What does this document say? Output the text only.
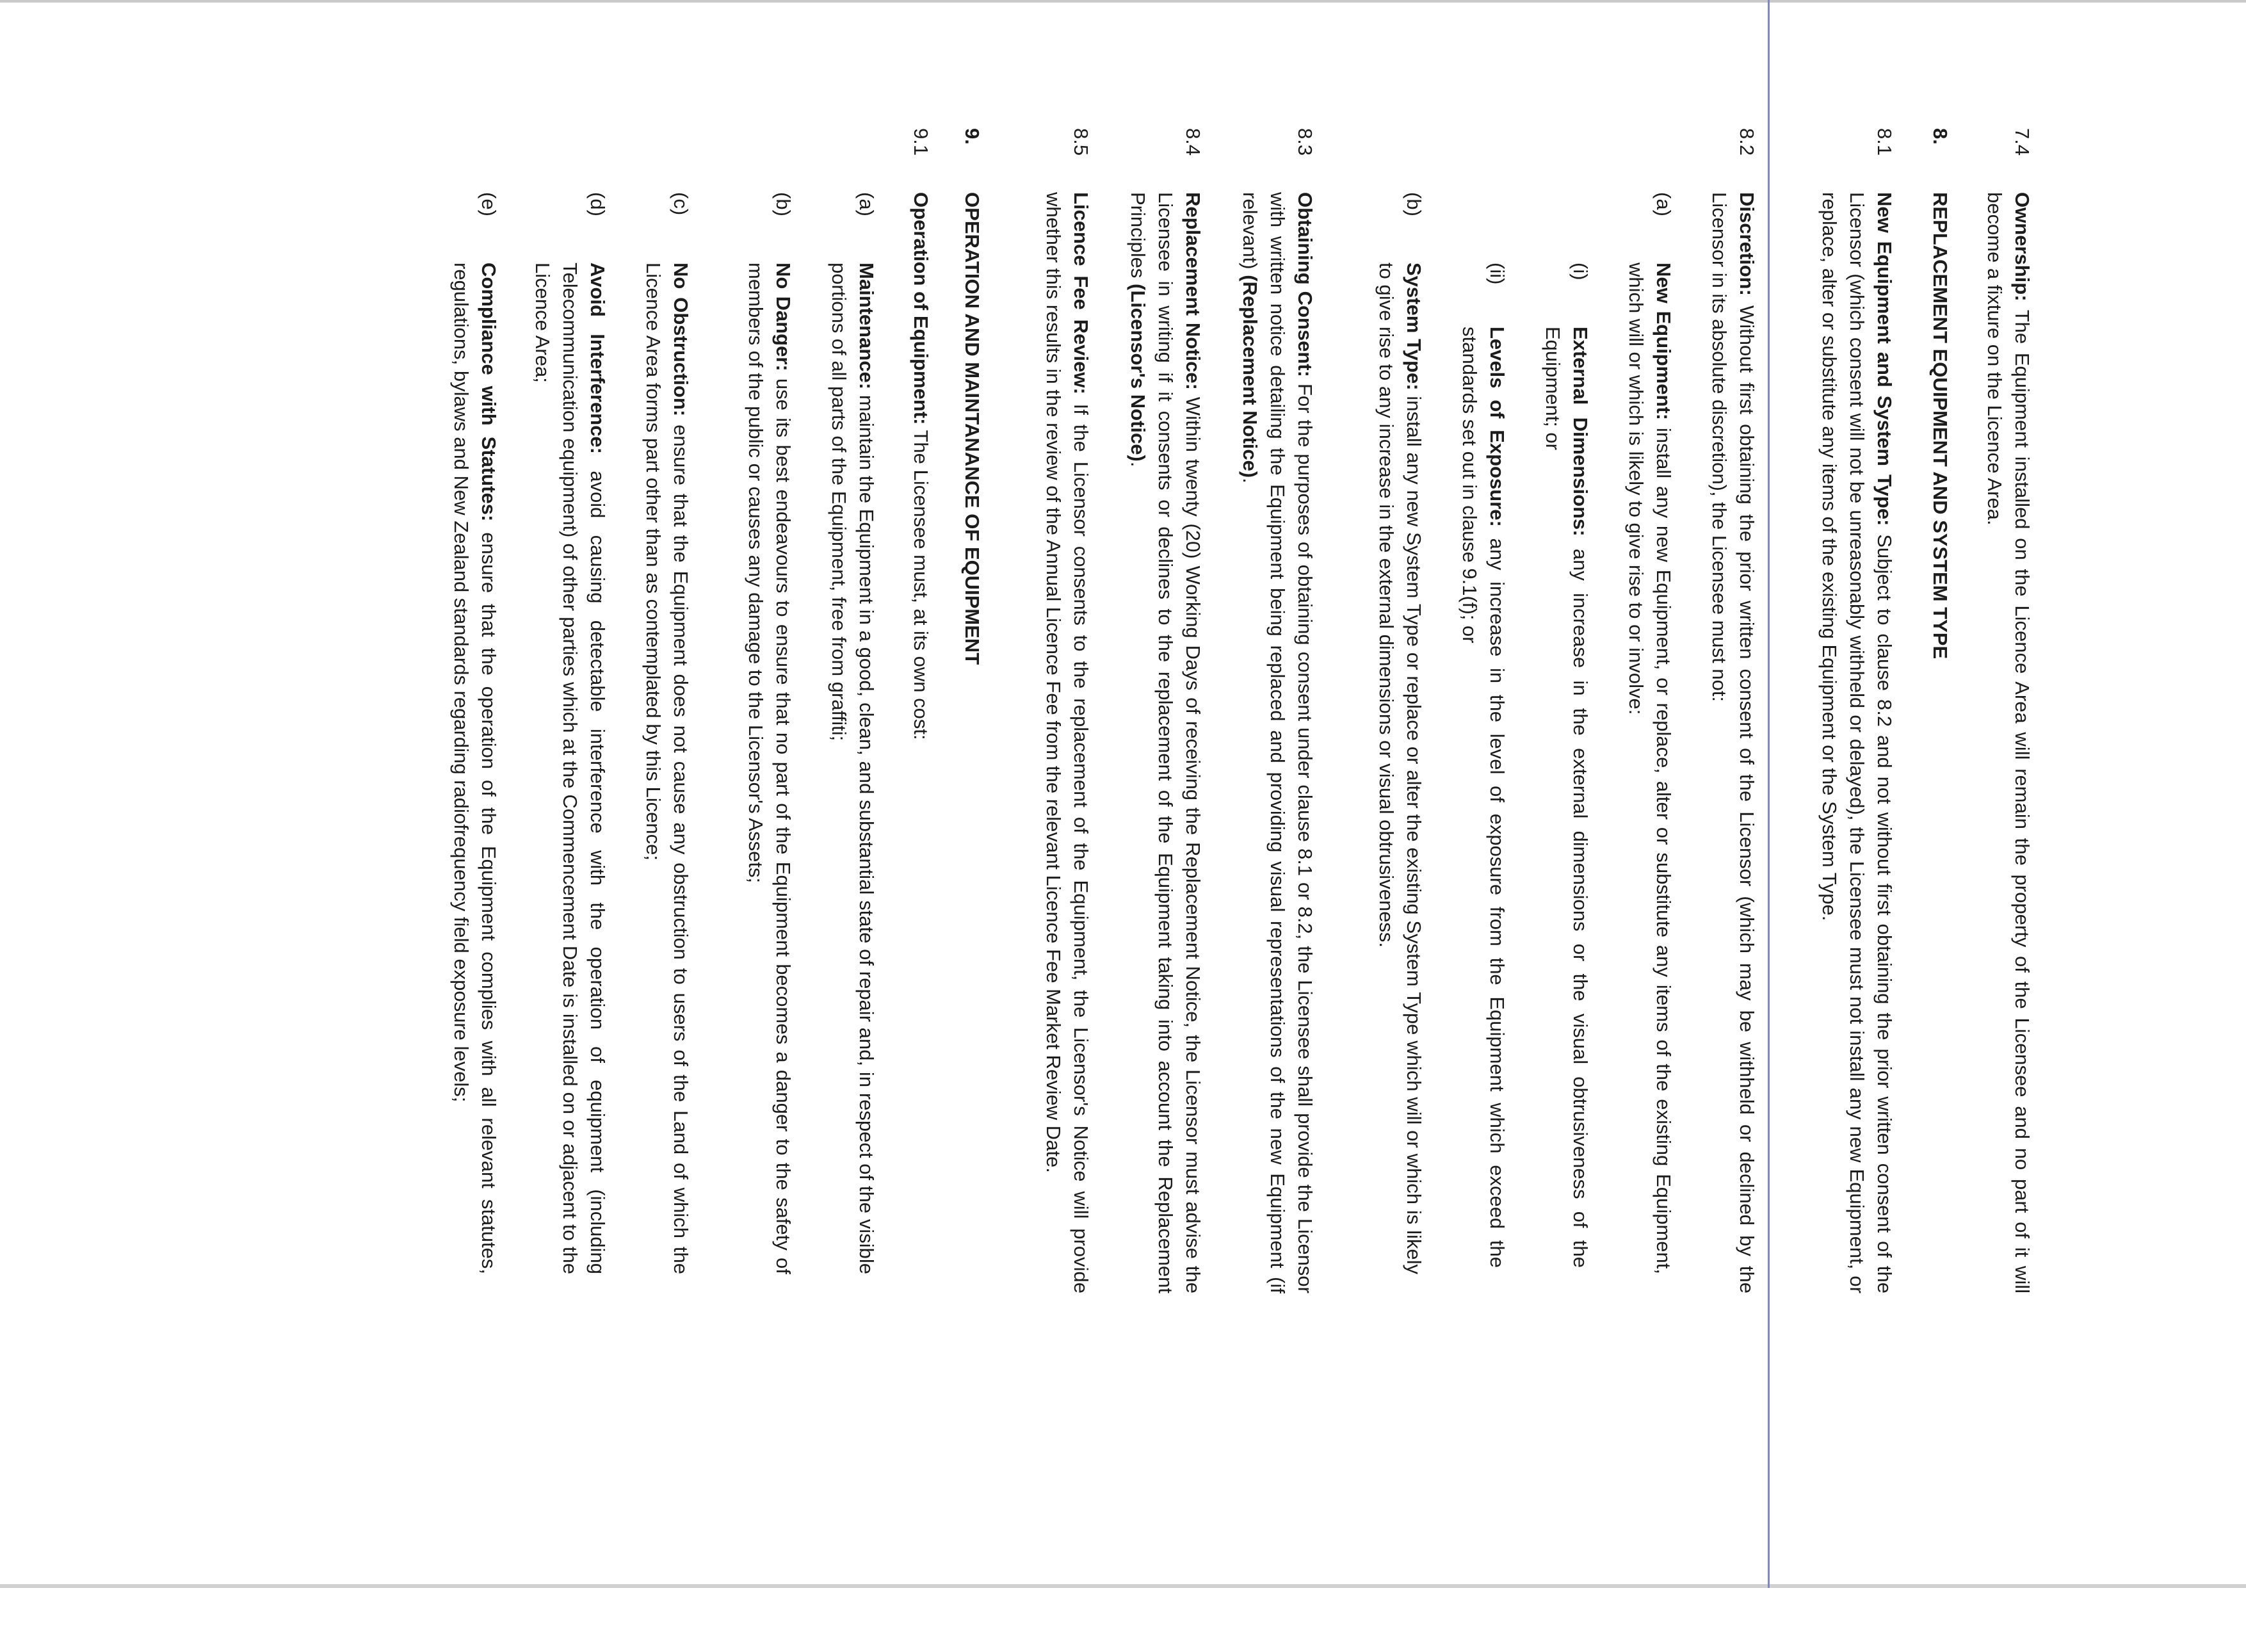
7.4

Ownership: The Equipment installed on the Licence Area will remain the property of the Licensee and no part of it will become a fixture on the Licence Area.

8.
REPLACEMENT EQUIPMENT AND SYSTEM TYPE
8.1

New Equipment and System Type: Subject to clause 8.2 and not without first obtaining the prior written consent of the Licensor (which consent will not be unreasonably withheld or delayed), the Licensee must not install any new Equipment, or replace, alter or substitute any items of the existing Equipment or the System Type.

8.2

Discretion: Without first obtaining the prior written consent of the Licensor (which may be withheld or declined by the Licensor in its absolute discretion), the Licensee must not:

(a)

New Equipment: install any new Equipment, or replace, alter or substitute any items of the existing Equipment, which will or which is likely to give rise to or involve:

(i)

External Dimensions: any increase in the external dimensions or the visual obtrusiveness of the Equipment; or

(ii)

Levels of Exposure: any increase in the level of exposure from the Equipment which exceed the standards set out in clause 9.1(f); or

(b)

System Type: install any new System Type or replace or alter the existing System Type which will or which is likely to give rise to any increase in the external dimensions or visual obtrusiveness.

8.3

Obtaining Consent: For the purposes of obtaining consent under clause 8.1 or 8.2, the Licensee shall provide the Licensor with written notice detailing the Equipment being replaced and providing visual representations of the new Equipment (if relevant) (Replacement Notice).

8.4

Replacement Notice: Within twenty (20) Working Days of receiving the Replacement Notice, the Licensor must advise the Licensee in writing if it consents or declines to the replacement of the Equipment taking into account the Replacement Principles (Licensor's Notice).

8.5

Licence Fee Review: If the Licensor consents to the replacement of the Equipment, the Licensor's Notice will provide whether this results in the review of the Annual Licence Fee from the relevant Licence Fee Market Review Date.

9.
OPERATION AND MAINTANANCE OF EQUIPMENT
9.1

Operation of Equipment: The Licensee must, at its own cost:

(a)

Maintenance: maintain the Equipment in a good, clean, and substantial state of repair and, in respect of the visible portions of all parts of the Equipment, free from graffiti;

(b)

No Danger: use its best endeavours to ensure that no part of the Equipment becomes a danger to the safety of members of the public or causes any damage to the Licensor's Assets;

(c)

No Obstruction: ensure that the Equipment does not cause any obstruction to users of the Land of which the Licence Area forms part other than as contemplated by this Licence;

(d)

Avoid Interference: avoid causing detectable interference with the operation of equipment (including Telecommunication equipment) of other parties which at the Commencement Date is installed on or adjacent to the Licence Area;

(e)

Compliance with Statutes: ensure that the operation of the Equipment complies with all relevant statutes, regulations, bylaws and New Zealand standards regarding radiofrequency field exposure levels;
